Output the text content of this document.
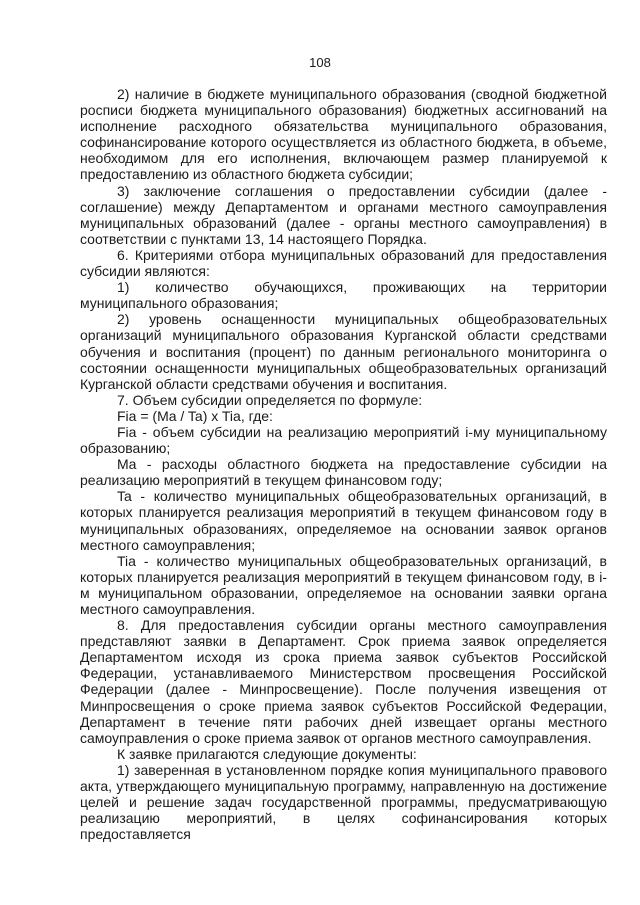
108

2) наличие в бюджете муниципального образования (сводной бюджетной росписи бюджета муниципального образования) бюджетных ассигнований на исполнение расходного обязательства муниципального образования, софинансирование которого осуществляется из областного бюджета, в объеме, необходимом для его исполнения, включающем размер планируемой к предоставлению из областного бюджета субсидии;

3) заключение соглашения о предоставлении субсидии (далее - соглашение) между Департаментом и органами местного самоуправления муниципальных образований (далее - органы местного самоуправления) в соответствии с пунктами 13, 14 настоящего Порядка.

6. Критериями отбора муниципальных образований для предоставления субсидии являются:

1) количество обучающихся, проживающих на территории муниципального образования;

2) уровень оснащенности муниципальных общеобразовательных организаций муниципального образования Курганской области средствами обучения и воспитания (процент) по данным регионального мониторинга о состоянии оснащенности муниципальных общеобразовательных организаций Курганской области средствами обучения и воспитания.

7. Объем субсидии определяется по формуле:

Fia = (Ma / Ta) x Tia, где:

Fia - объем субсидии на реализацию мероприятий i-му муниципальному образованию;

Ma - расходы областного бюджета на предоставление субсидии на реализацию мероприятий в текущем финансовом году;

Ta - количество муниципальных общеобразовательных организаций, в которых планируется реализация мероприятий в текущем финансовом году в муниципальных образованиях, определяемое на основании заявок органов местного самоуправления;

Tia - количество муниципальных общеобразовательных организаций, в которых планируется реализация мероприятий в текущем финансовом году, в i-м муниципальном образовании, определяемое на основании заявки органа местного самоуправления.

8. Для предоставления субсидии органы местного самоуправления представляют заявки в Департамент. Срок приема заявок определяется Департаментом исходя из срока приема заявок субъектов Российской Федерации, устанавливаемого Министерством просвещения Российской Федерации (далее - Минпросвещение). После получения извещения от Минпросвещения о сроке приема заявок субъектов Российской Федерации, Департамент в течение пяти рабочих дней извещает органы местного самоуправления о сроке приема заявок от органов местного самоуправления.

К заявке прилагаются следующие документы:

1) заверенная в установленном порядке копия муниципального правового акта, утверждающего муниципальную программу, направленную на достижение целей и решение задач государственной программы, предусматривающую реализацию мероприятий, в целях софинансирования которых предоставляется
